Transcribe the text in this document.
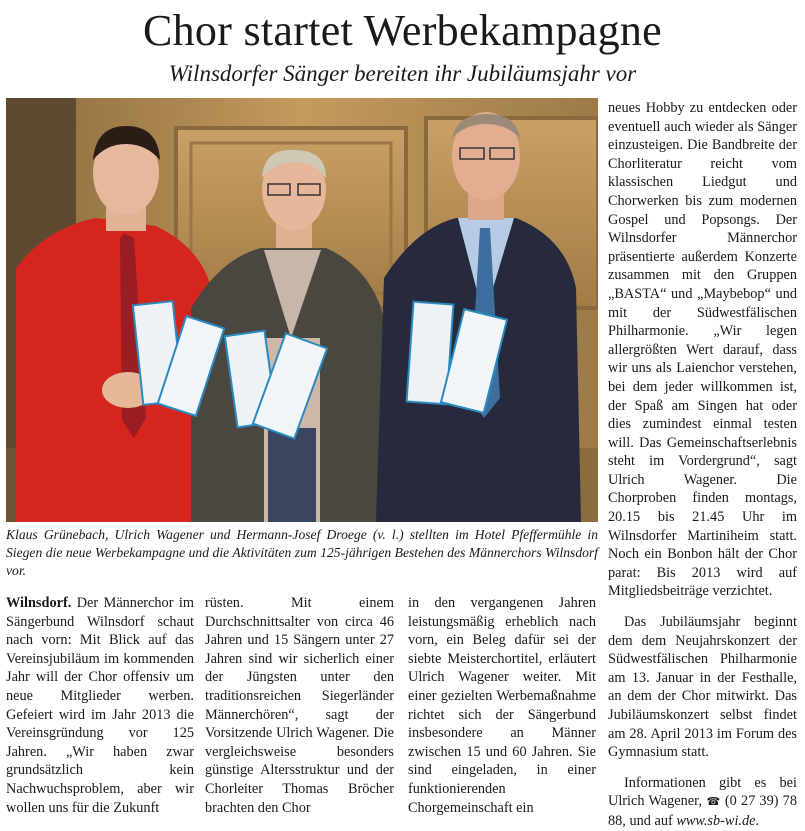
Chor startet Werbekampagne
Wilnsdorfer Sänger bereiten ihr Jubiläumsjahr vor
Klaus Grünebach, Ulrich Wagener und Hermann-Josef Droege (v. l.) stellten im Hotel Pfeffermühle in Siegen die neue Werbekampagne und die Aktivitäten zum 125-jährigen Bestehen des Männerchors Wilnsdorf vor.

Wilnsdorf. Der Männerchor im Sängerbund Wilnsdorf schaut nach vorn: Mit Blick auf das Vereinsjubiläum im kommenden Jahr will der Chor offensiv um neue Mitglieder werben. Gefeiert wird im Jahr 2013 die Vereinsgründung vor 125 Jahren. „Wir haben zwar grundsätzlich kein Nachwuchsproblem, aber wir wollen uns für die Zukunft

rüsten. Mit einem Durchschnittsalter von circa 46 Jahren und 15 Sängern unter 27 Jahren sind wir sicherlich einer der Jüngsten unter den traditionsreichen Siegerländer Männerchören“, sagt der Vorsitzende Ulrich Wagener. Die vergleichsweise besonders günstige Altersstruktur und der Chorleiter Thomas Bröcher brachten den Chor

in den vergangenen Jahren leistungsmäßig erheblich nach vorn, ein Beleg dafür sei der siebte Meisterchortitel, erläutert Ulrich Wagener weiter. Mit einer gezielten Werbemaßnahme richtet sich der Sängerbund insbesondere an Männer zwischen 15 und 60 Jahren. Sie sind eingeladen, in einer funktionierenden Chorgemeinschaft ein

neues Hobby zu entdecken oder eventuell auch wieder als Sänger einzusteigen. Die Bandbreite der Chorliteratur reicht vom klassischen Liedgut und Chorwerken bis zum modernen Gospel und Popsongs. Der Wilnsdorfer Männerchor präsentierte außerdem Konzerte zusammen mit den Gruppen „BASTA“ und „Maybebop“ und mit der Südwestfälischen Philharmonie. „Wir legen allergrößten Wert darauf, dass wir uns als Laienchor verstehen, bei dem jeder willkommen ist, der Spaß am Singen hat oder dies zumindest einmal testen will. Das Gemeinschaftserlebnis steht im Vordergrund“, sagt Ulrich Wagener. Die Chorproben finden montags, 20.15 bis 21.45 Uhr im Wilnsdorfer Martiniheim statt. Noch ein Bonbon hält der Chor parat: Bis 2013 wird auf Mitgliedsbeiträge verzichtet.

Das Jubiläumsjahr beginnt dem dem Neujahrskonzert der Südwestfälischen Philharmonie am 13. Januar in der Festhalle, an dem der Chor mitwirkt. Das Jubiläumskonzert selbst findet am 28. April 2013 im Forum des Gymnasium statt.

Informationen gibt es bei Ulrich Wagener, ☎ (0 27 39) 78 88, und auf www.sb-wi.de.
